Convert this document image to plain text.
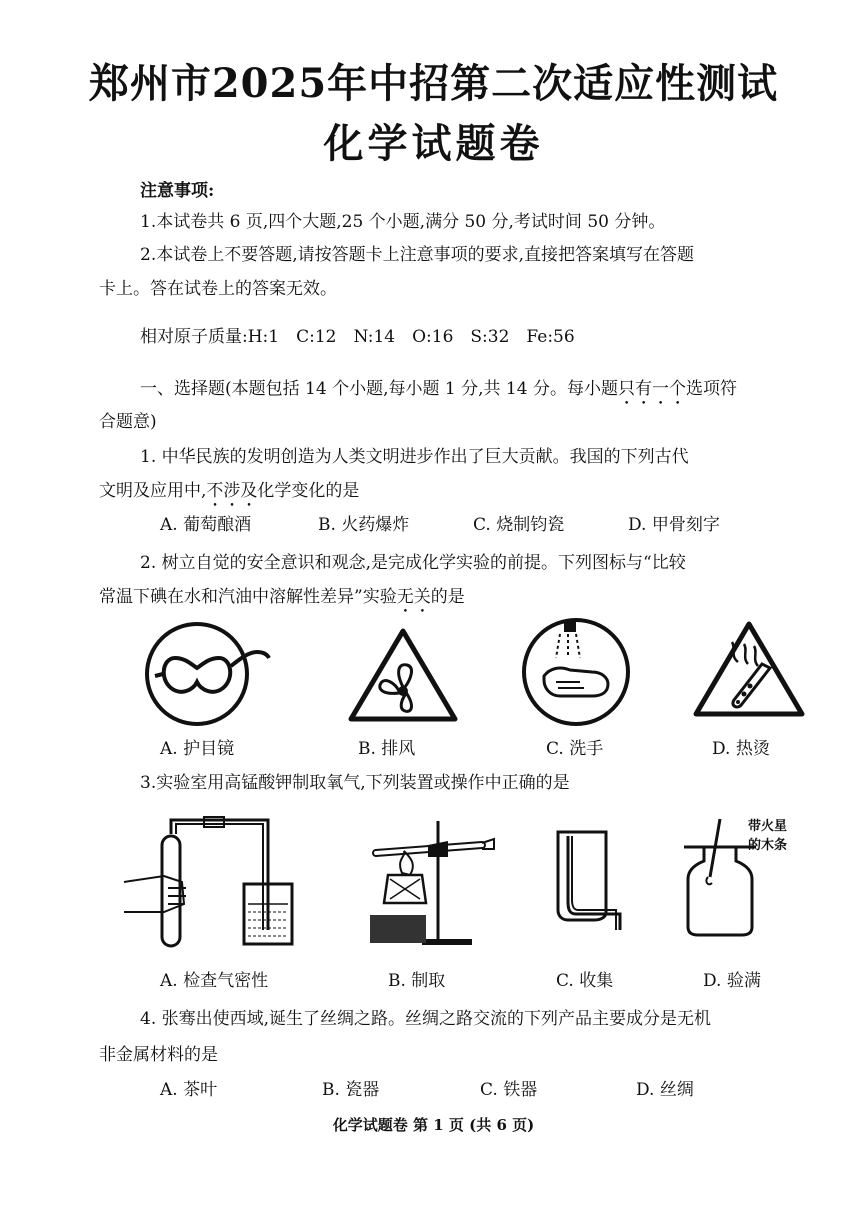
郑州市2025年中招第二次适应性测试
化学试题卷
注意事项:
1.本试卷共 6 页,四个大题,25 个小题,满分 50 分,考试时间 50 分钟。
2.本试卷上不要答题,请按答题卡上注意事项的要求,直接把答案填写在答题
卡上。答在试卷上的答案无效。
相对原子质量:H:1　C:12　N:14　O:16　S:32　Fe:56
一、选择题(本题包括 14 个小题,每小题 1 分,共 14 分。每小题只有一个选项符
合题意)
1. 中华民族的发明创造为人类文明进步作出了巨大贡献。我国的下列古代
文明及应用中,不涉及化学变化的是
A. 葡萄酿酒	B. 火药爆炸	C. 烧制钧瓷	D. 甲骨刻字
2. 树立自觉的安全意识和观念,是完成化学实验的前提。下列图标与“比较
常温下碘在水和汽油中溶解性差异”实验无关的是
A. 护目镜	B. 排风	C. 洗手	D. 热烫
3.实验室用高锰酸钾制取氧气,下列装置或操作中正确的是
带火星
的木条
A. 检查气密性	B. 制取	C. 收集	D. 验满
4. 张骞出使西域,诞生了丝绸之路。丝绸之路交流的下列产品主要成分是无机
非金属材料的是
A. 茶叶	B. 瓷器	C. 铁器	D. 丝绸
化学试题卷 第 1 页 (共 6 页)
